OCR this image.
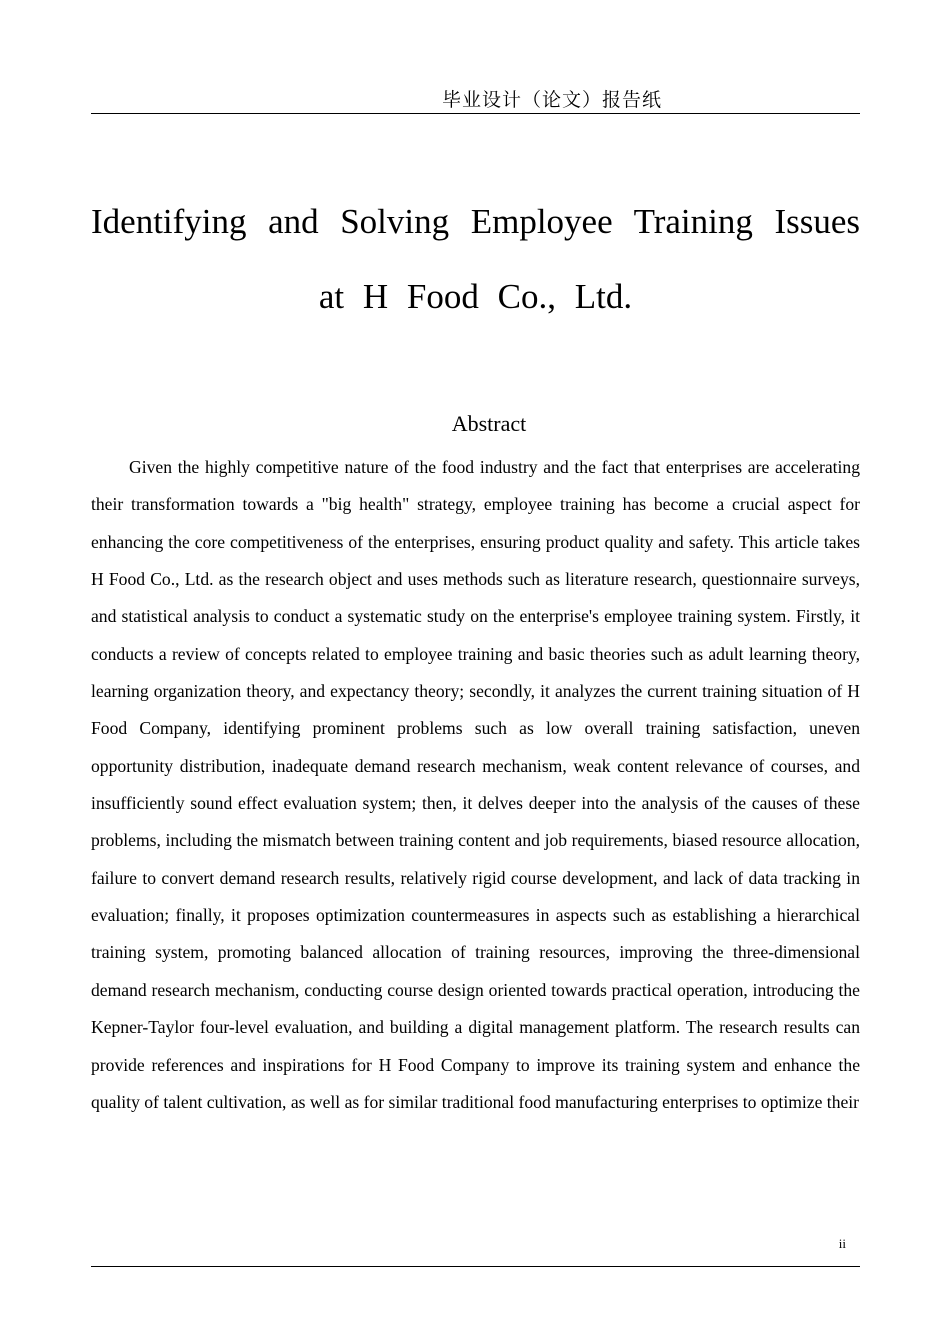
毕业设计（论文）报告纸
Identifying and Solving Employee Training Issues
at H Food Co., Ltd.
Abstract

Given the highly competitive nature of the food industry and the fact that enterprises are accelerating their transformation towards a "big health" strategy, employee training has become a crucial aspect for enhancing the core competitiveness of the enterprises, ensuring product quality and safety. This article takes H Food Co., Ltd. as the research object and uses methods such as literature research, questionnaire surveys, and statistical analysis to conduct a systematic study on the enterprise's employee training system. Firstly, it conducts a review of concepts related to employee training and basic theories such as adult learning theory, learning organization theory, and expectancy theory; secondly, it analyzes the current training situation of H Food Company, identifying prominent problems such as low overall training satisfaction, uneven opportunity distribution, inadequate demand research mechanism, weak content relevance of courses, and insufficiently sound effect evaluation system; then, it delves deeper into the analysis of the causes of these problems, including the mismatch between training content and job requirements, biased resource allocation, failure to convert demand research results, relatively rigid course development, and lack of data tracking in evaluation; finally, it proposes optimization countermeasures in aspects such as establishing a hierarchical training system, promoting balanced allocation of training resources, improving the three-dimensional demand research mechanism, conducting course design oriented towards practical operation, introducing the Kepner-Taylor four-level evaluation, and building a digital management platform. The research results can provide references and inspirations for H Food Company to improve its training system and enhance the quality of talent cultivation, as well as for similar traditional food manufacturing enterprises to optimize their

ii
